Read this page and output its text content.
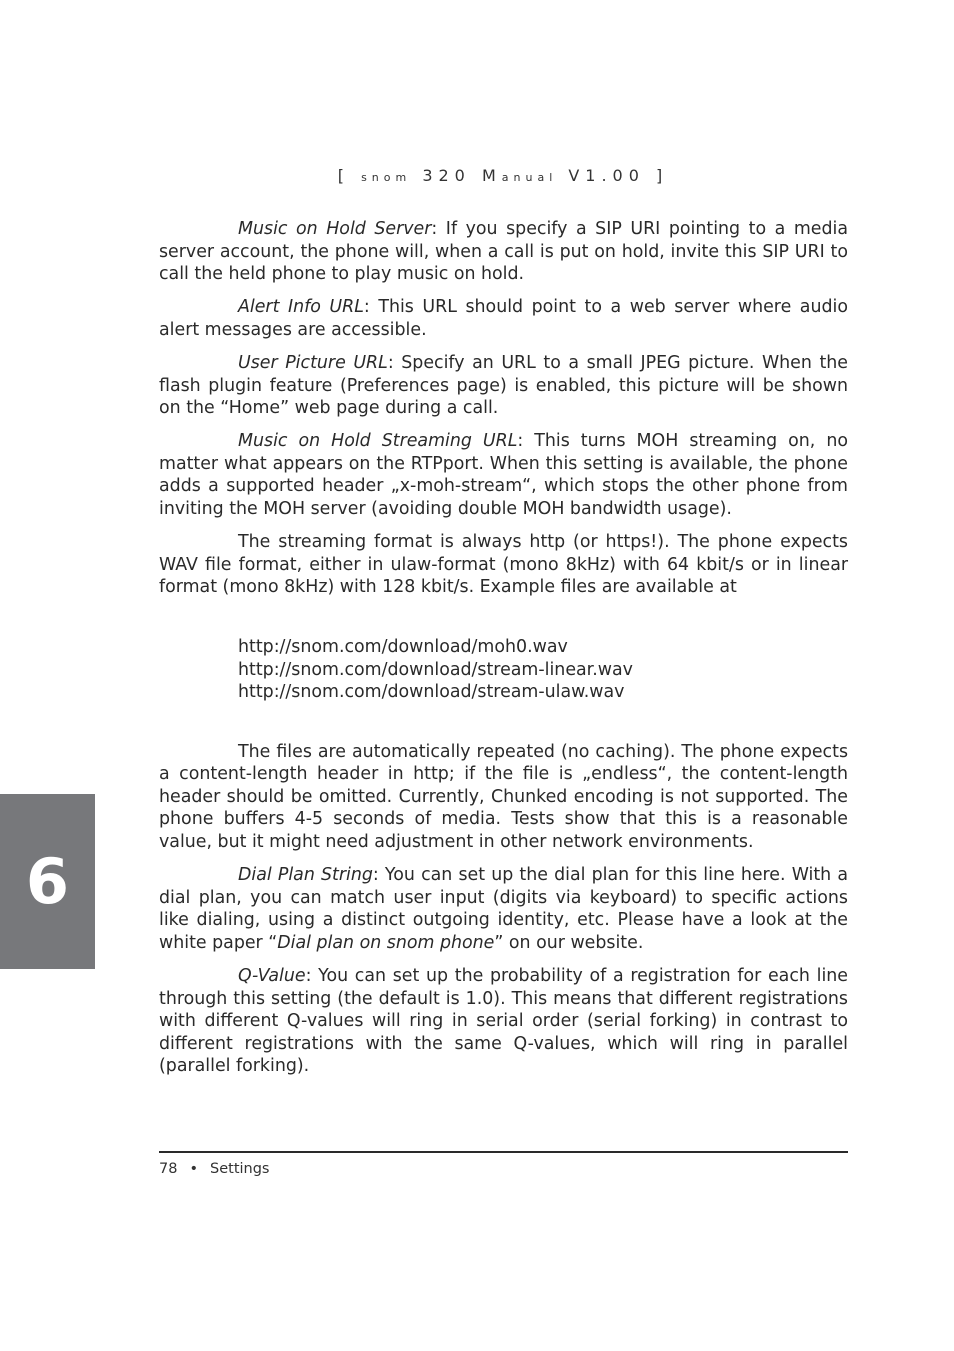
[ snom 320 Manual V1.00 ]

Music on Hold Server: If you specify a SIP URI pointing to a media server account, the phone will, when a call is put on hold, invite this SIP URI to call the held phone to play music on hold.

Alert Info URL: This URL should point to a web server where audio alert messages are accessible.

User Picture URL: Specify an URL to a small JPEG picture. When the flash plugin feature (Preferences page) is enabled, this picture will be shown on the “Home” web page during a call.

Music on Hold Streaming URL: This turns MOH streaming on, no matter what appears on the RTPport. When this setting is available, the phone adds a supported header „x-moh-stream“, which stops the other phone from inviting the MOH server (avoiding double MOH bandwidth usage).

The streaming format is always http (or https!). The phone expects WAV file format, either in ulaw-format (mono 8kHz) with 64 kbit/s or in linear format (mono 8kHz) with 128 kbit/s. Example files are available at

http://snom.com/download/moh0.wav
http://snom.com/download/stream-linear.wav
http://snom.com/download/stream-ulaw.wav

The files are automatically repeated (no caching). The phone expects a content-length header in http; if the file is „endless“, the content-length header should be omitted. Currently, Chunked encoding is not supported. The phone buffers 4-5 seconds of media. Tests show that this is a reasonable value, but it might need adjustment in other network environments.

Dial Plan String: You can set up the dial plan for this line here. With a dial plan, you can match user input (digits via keyboard) to specific actions like dialing, using a distinct outgoing identity, etc. Please have a look at the white paper “Dial plan on snom phone” on our website.

Q-Value: You can set up the probability of a registration for each line through this setting (the default is 1.0). This means that different registrations with different Q-values will ring in serial order (serial forking) in contrast to different registrations with the same Q-values, which will ring in parallel (parallel forking).

6
78 • Settings
